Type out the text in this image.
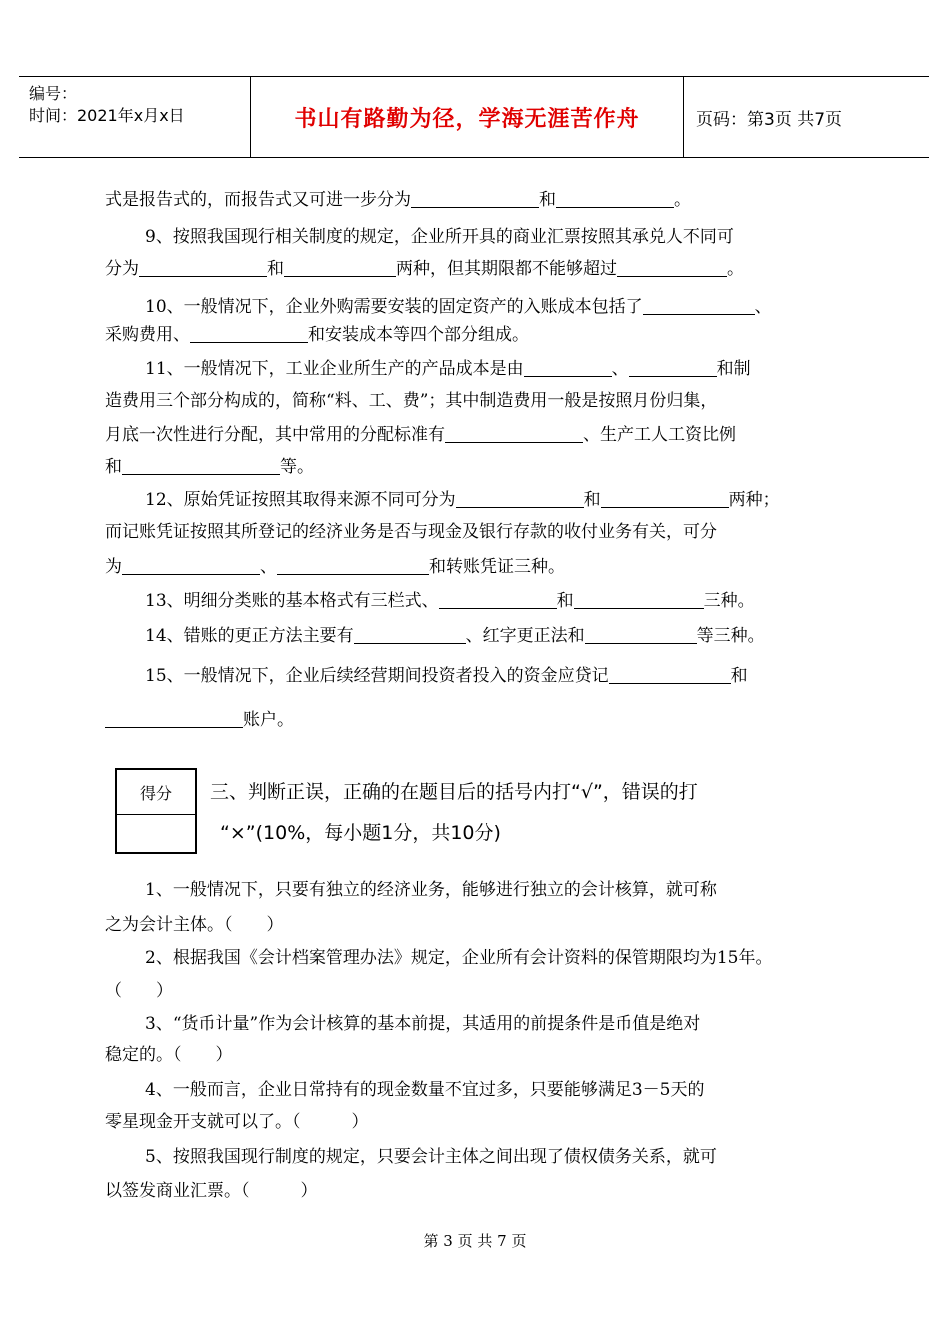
编号：
时间：2021年x月x日	书山有路勤为径，学海无涯苦作舟	页码：第3页 共7页
式是报告式的，而报告式又可进一步分为	和	。
9、按照我国现行相关制度的规定，企业所开具的商业汇票按照其承兑人不同可
分为	和	两种，但其期限都不能够超过	。
10、一般情况下，企业外购需要安装的固定资产的入账成本包括了	、
采购费用、	和安装成本等四个部分组成。
11、一般情况下，工业企业所生产的产品成本是由	、	和制
造费用三个部分构成的，简称“料、工、费”；其中制造费用一般是按照月份归集，
月底一次性进行分配，其中常用的分配标准有	、生产工人工资比例
和	等。
12、原始凭证按照其取得来源不同可分为	和	两种；
而记账凭证按照其所登记的经济业务是否与现金及银行存款的收付业务有关，可分
为	、	和转账凭证三种。
13、明细分类账的基本格式有三栏式、	和	三种。
14、错账的更正方法主要有	、红字更正法和	等三种。
15、一般情况下，企业后续经营期间投资者投入的资金应贷记	和
账户。
得分	三、判断正误，正确的在题目后的括号内打“√”，错误的打
“×”(10%，每小题1分，共10分)
1、一般情况下，只要有独立的经济业务，能够进行独立的会计核算，就可称
之为会计主体。（　　）
2、根据我国《会计档案管理办法》规定，企业所有会计资料的保管期限均为15年。
（　　）
3、“货币计量”作为会计核算的基本前提，其适用的前提条件是币值是绝对
稳定的。（　　）
4、一般而言，企业日常持有的现金数量不宜过多，只要能够满足3－5天的
零星现金开支就可以了。（　　　）
5、按照我国现行制度的规定，只要会计主体之间出现了债权债务关系，就可
以签发商业汇票。（　　　）
第 3 页 共 7 页
